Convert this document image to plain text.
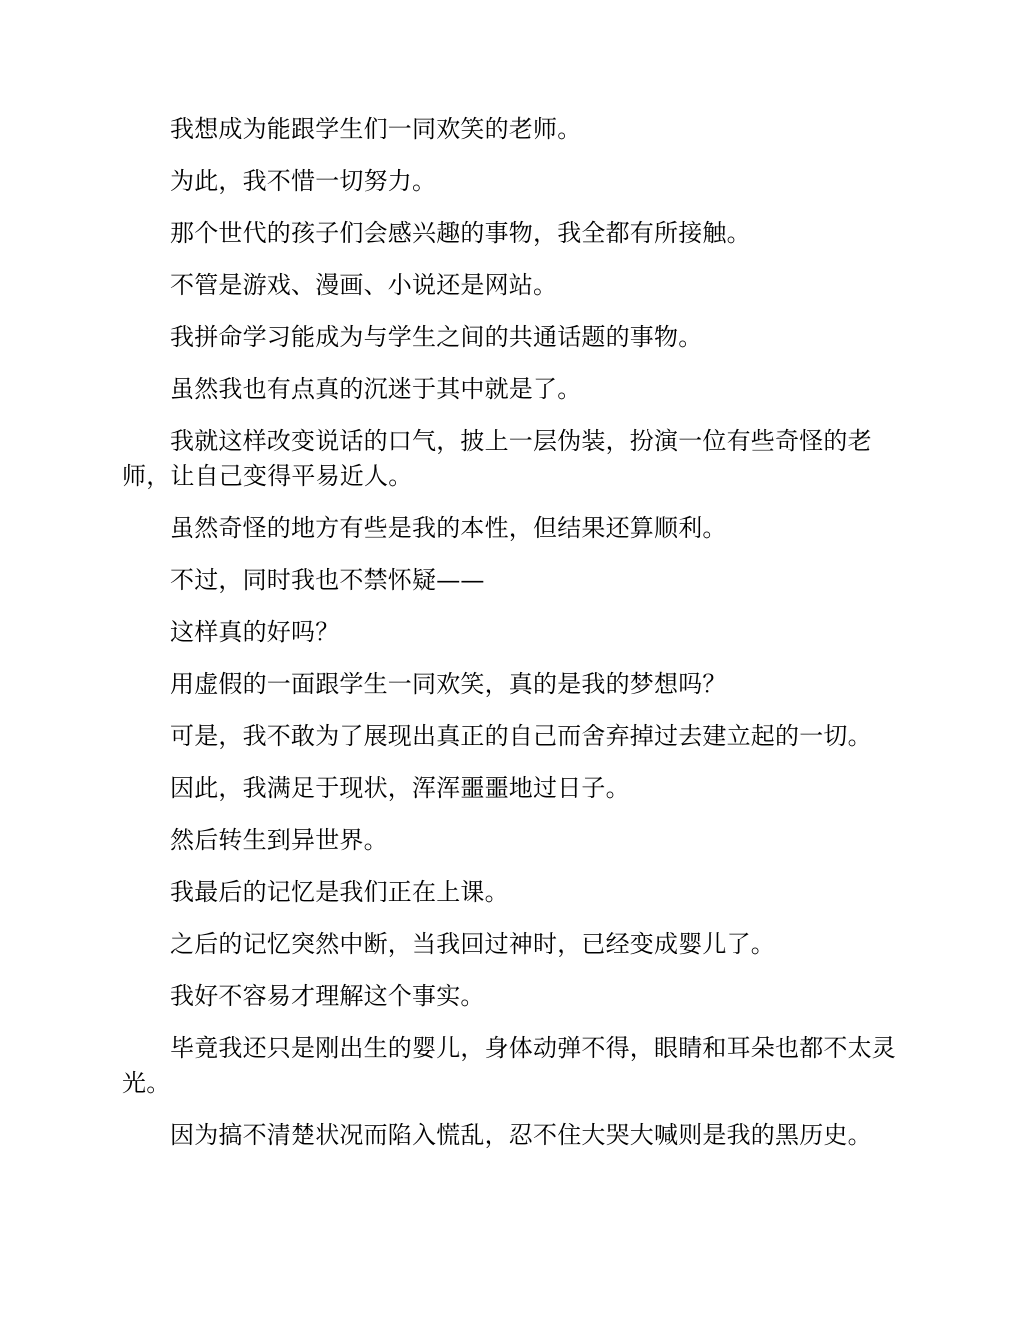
我想成为能跟学生们一同欢笑的老师。

为此，我不惜一切努力。

那个世代的孩子们会感兴趣的事物，我全都有所接触。

不管是游戏、漫画、小说还是网站。

我拼命学习能成为与学生之间的共通话题的事物。

虽然我也有点真的沉迷于其中就是了。

我就这样改变说话的口气，披上一层伪装，扮演一位有些奇怪的老师，让自己变得平易近人。

虽然奇怪的地方有些是我的本性，但结果还算顺利。

不过，同时我也不禁怀疑——

这样真的好吗？

用虚假的一面跟学生一同欢笑，真的是我的梦想吗？

可是，我不敢为了展现出真正的自己而舍弃掉过去建立起的一切。

因此，我满足于现状，浑浑噩噩地过日子。

然后转生到异世界。

我最后的记忆是我们正在上课。

之后的记忆突然中断，当我回过神时，已经变成婴儿了。

我好不容易才理解这个事实。

毕竟我还只是刚出生的婴儿，身体动弹不得，眼睛和耳朵也都不太灵光。

因为搞不清楚状况而陷入慌乱，忍不住大哭大喊则是我的黑历史。
